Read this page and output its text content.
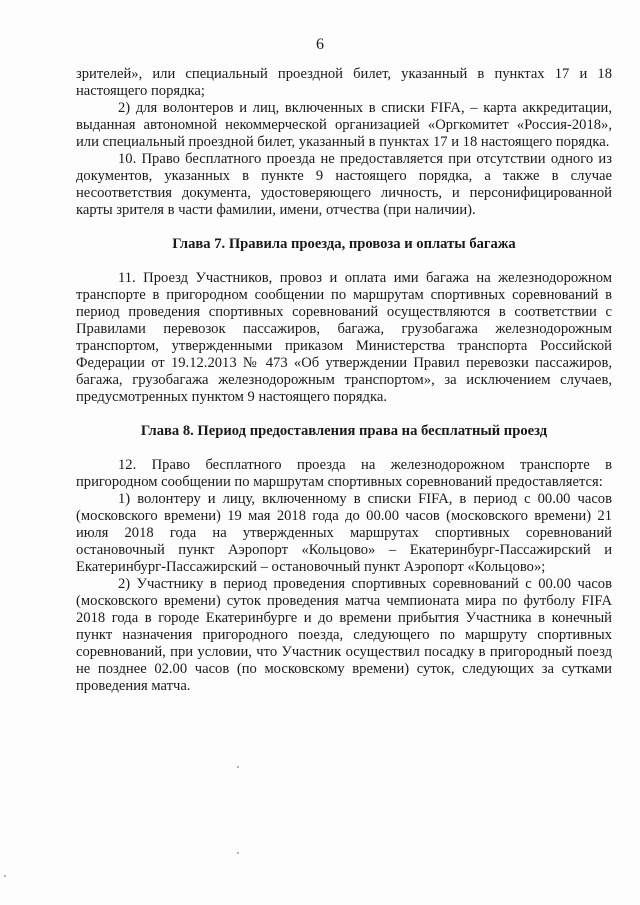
6

зрителей», или специальный проездной билет, указанный в пунктах 17 и 18 настоящего порядка;

2) для волонтеров и лиц, включенных в списки FIFA, – карта аккредитации, выданная автономной некоммерческой организацией «Оргкомитет «Россия-2018», или специальный проездной билет, указанный в пунктах 17 и 18 настоящего порядка.

10. Право бесплатного проезда не предоставляется при отсутствии одного из документов, указанных в пункте 9 настоящего порядка, а также в случае несоответствия документа, удостоверяющего личность, и персонифицированной карты зрителя в части фамилии, имени, отчества (при наличии).

Глава 7. Правила проезда, провоза и оплаты багажа

11. Проезд Участников, провоз и оплата ими багажа на железнодорожном транспорте в пригородном сообщении по маршрутам спортивных соревнований в период проведения спортивных соревнований осуществляются в соответствии с Правилами перевозок пассажиров, багажа, грузобагажа железнодорожным транспортом, утвержденными приказом Министерства транспорта Российской Федерации от 19.12.2013 № 473 «Об утверждении Правил перевозки пассажиров, багажа, грузобагажа железнодорожным транспортом», за исключением случаев, предусмотренных пунктом 9 настоящего порядка.

Глава 8. Период предоставления права на бесплатный проезд

12. Право бесплатного проезда на железнодорожном транспорте в пригородном сообщении по маршрутам спортивных соревнований предоставляется:

1) волонтеру и лицу, включенному в списки FIFA, в период с 00.00 часов (московского времени) 19 мая 2018 года до 00.00 часов (московского времени) 21 июля 2018 года на утвержденных маршрутах спортивных соревнований остановочный пункт Аэропорт «Кольцово» – Екатеринбург-Пассажирский и Екатеринбург-Пассажирский – остановочный пункт Аэропорт «Кольцово»;

2) Участнику в период проведения спортивных соревнований с 00.00 часов (московского времени) суток проведения матча чемпионата мира по футболу FIFA 2018 года в городе Екатеринбурге и до времени прибытия Участника в конечный пункт назначения пригородного поезда, следующего по маршруту спортивных соревнований, при условии, что Участник осуществил посадку в пригородный поезд не позднее 02.00 часов (по московскому времени) суток, следующих за сутками проведения матча.
